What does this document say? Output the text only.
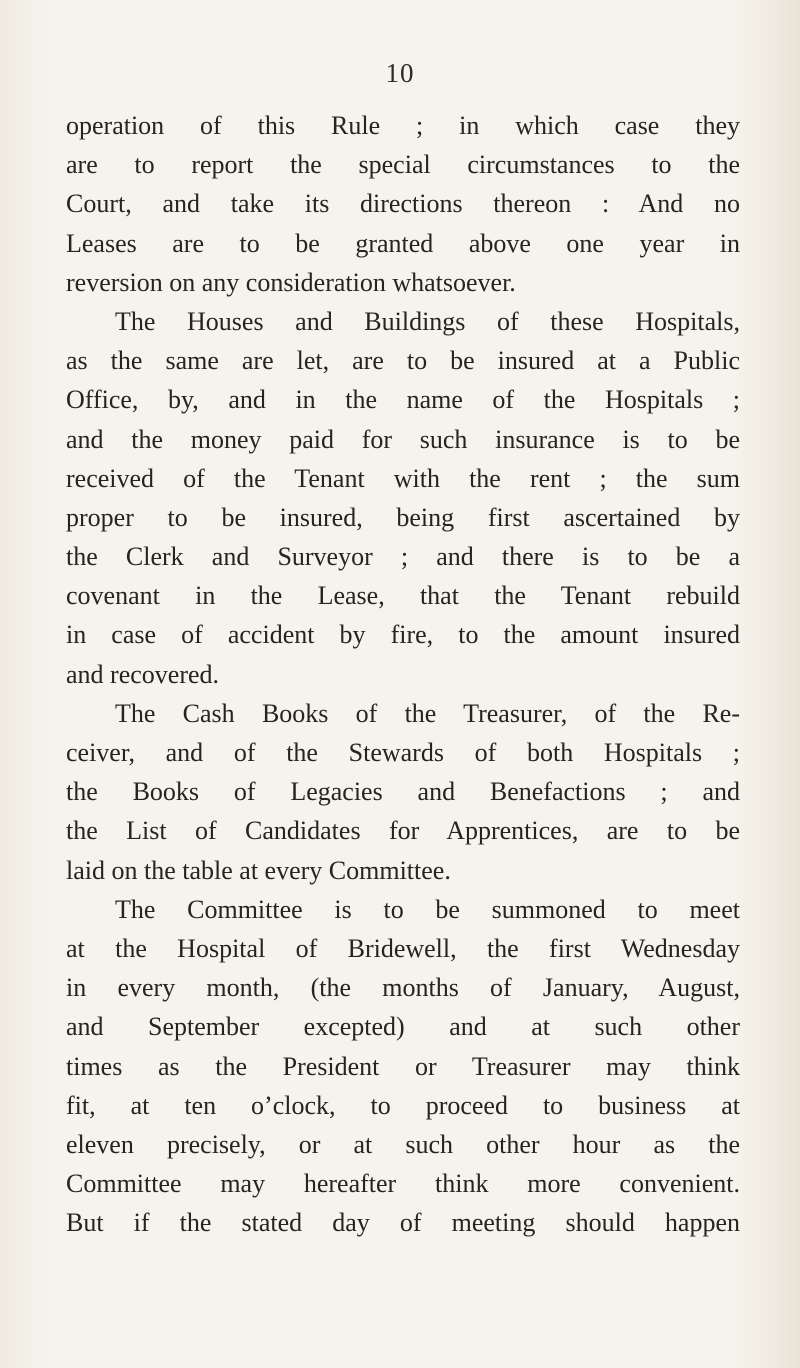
10
operation of this Rule ; in which case they
are to report the special circumstances to the
Court, and take its directions thereon : And no
Leases are to be granted above one year in
reversion on any consideration whatsoever.
The Houses and Buildings of these Hospitals,
as the same are let, are to be insured at a Public
Office, by, and in the name of the Hospitals ;
and the money paid for such insurance is to be
received of the Tenant with the rent ; the sum
proper to be insured, being first ascertained by
the Clerk and Surveyor ; and there is to be a
covenant in the Lease, that the Tenant rebuild
in case of accident by fire, to the amount insured
and recovered.
The Cash Books of the Treasurer, of the Re-
ceiver, and of the Stewards of both Hospitals ;
the Books of Legacies and Benefactions ; and
the List of Candidates for Apprentices, are to be
laid on the table at every Committee.
The Committee is to be summoned to meet
at the Hospital of Bridewell, the first Wednesday
in every month, (the months of January, August,
and September excepted) and at such other
times as the President or Treasurer may think
fit, at ten o’clock, to proceed to business at
eleven precisely, or at such other hour as the
Committee may hereafter think more convenient.
But if the stated day of meeting should happen
